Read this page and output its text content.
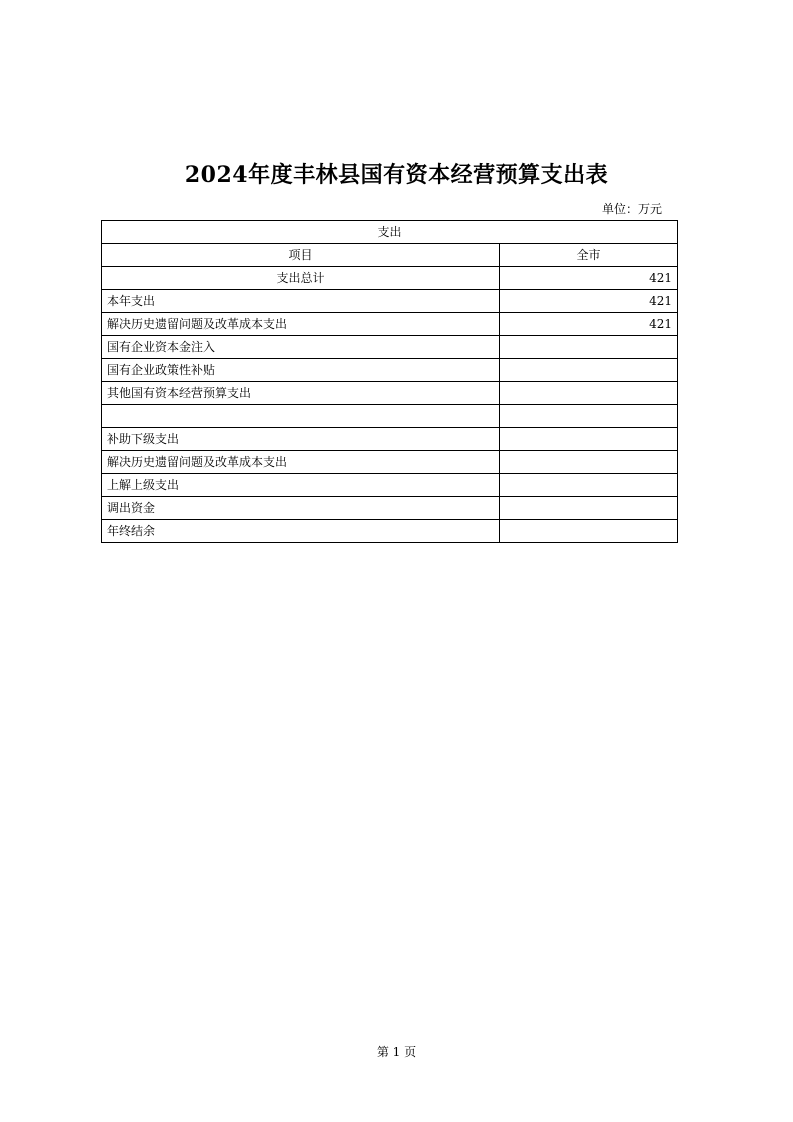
2024年度丰林县国有资本经营预算支出表
单位：万元
支出	
项目	全市
支出总计	421
本年支出	421
解决历史遗留问题及改革成本支出	421
国有企业资本金注入	
国有企业政策性补贴	
其他国有资本经营预算支出	

补助下级支出	
解决历史遗留问题及改革成本支出	
上解上级支出	
调出资金	
年终结余	
第 1 页
